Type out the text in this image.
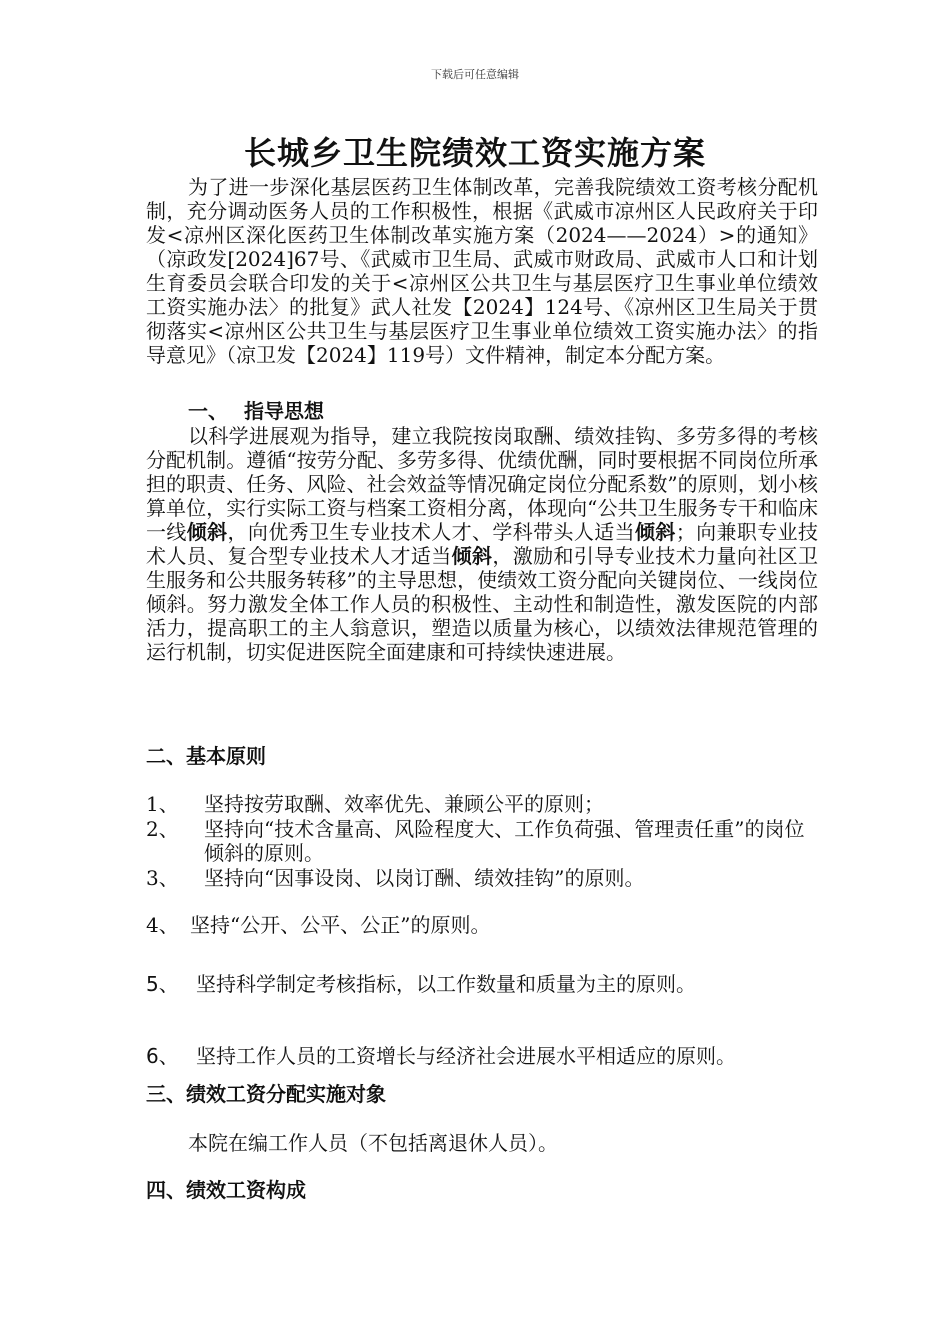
下载后可任意编辑
长城乡卫生院绩效工资实施方案
为了进一步深化基层医药卫生体制改革，完善我院绩效工资考核分配机制，充分调动医务人员的工作积极性，根据《武威市凉州区人民政府关于印发<凉州区深化医药卫生体制改革实施方案（2024——2024）>的通知》（凉政发[2024]67号、《武威市卫生局、武威市财政局、武威市人口和计划生育委员会联合印发的关于<凉州区公共卫生与基层医疗卫生事业单位绩效工资实施办法〉的批复》武人社发【2024】124号、《凉州区卫生局关于贯彻落实<凉州区公共卫生与基层医疗卫生事业单位绩效工资实施办法〉的指导意见》（凉卫发【2024】119号）文件精神，制定本分配方案。
一、 指导思想
以科学进展观为指导，建立我院按岗取酬、绩效挂钩、多劳多得的考核分配机制。遵循“按劳分配、多劳多得、优绩优酬，同时要根据不同岗位所承担的职责、任务、风险、社会效益等情况确定岗位分配系数”的原则，划小核算单位，实行实际工资与档案工资相分离，体现向“公共卫生服务专干和临床一线倾斜，向优秀卫生专业技术人才、学科带头人适当倾斜；向兼职专业技术人员、复合型专业技术人才适当倾斜，激励和引导专业技术力量向社区卫生服务和公共服务转移”的主导思想，使绩效工资分配向关键岗位、一线岗位倾斜。努力激发全体工作人员的积极性、主动性和制造性，激发医院的内部活力，提高职工的主人翁意识，塑造以质量为核心，以绩效法律规范管理的运行机制，切实促进医院全面建康和可持续快速进展。
二、基本原则
1、 坚持按劳取酬、效率优先、兼顾公平的原则；
2、 坚持向“技术含量高、风险程度大、工作负荷强、管理责任重”的岗位倾斜的原则。
3、 坚持向“因事设岗、以岗订酬、绩效挂钩”的原则。
4、 坚持“公开、公平、公正”的原则。
5、 坚持科学制定考核指标，以工作数量和质量为主的原则。
6、 坚持工作人员的工资增长与经济社会进展水平相适应的原则。
三、绩效工资分配实施对象
本院在编工作人员（不包括离退休人员）。
四、绩效工资构成
